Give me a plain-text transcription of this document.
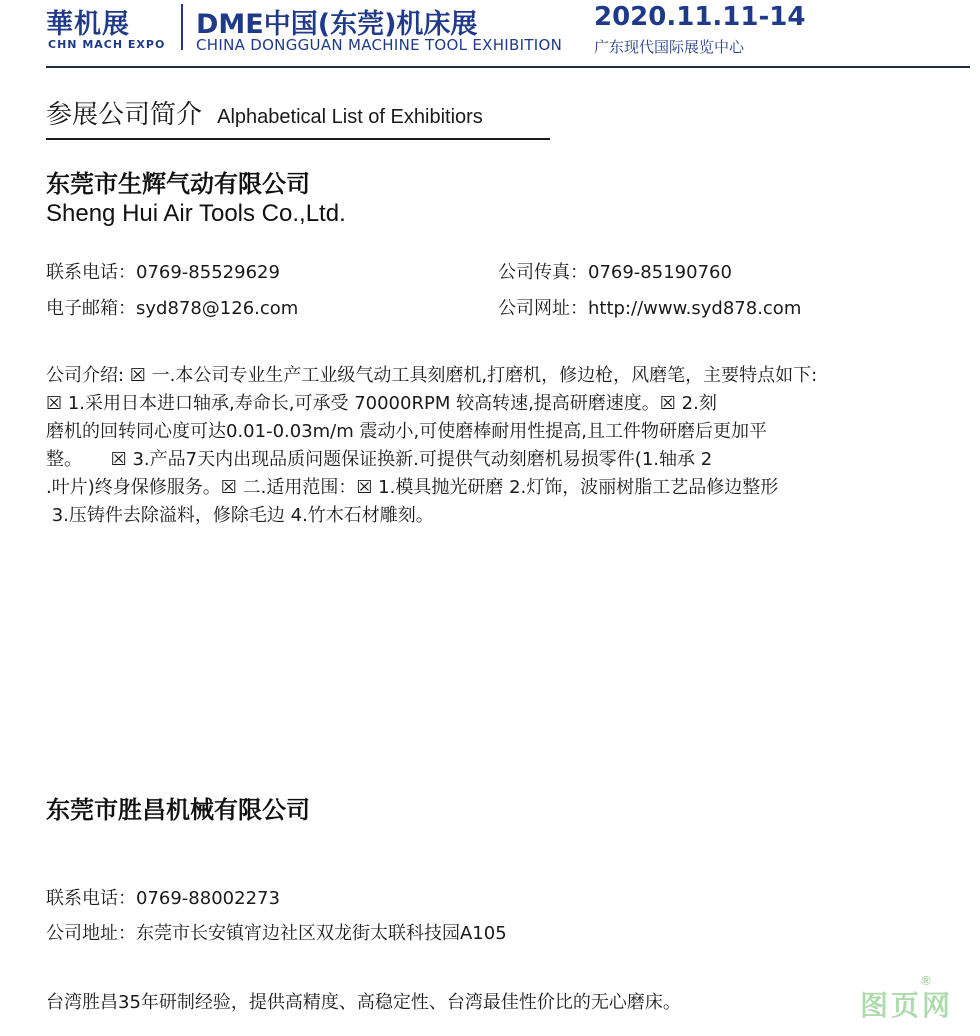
華机展
CHN MACH EXPO
DME中国(东莞)机床展
CHINA DONGGUAN MACHINE TOOL EXHIBITION
2020.11.11-14
广东现代国际展览中心
参展公司简介 Alphabetical List of Exhibitiors
东莞市生辉气动有限公司
Sheng Hui Air Tools Co.,Ltd.
联系电话：0769-85529629	公司传真：0769-85190760
电子邮箱：syd878@126.com	公司网址：http://www.syd878.com
公司介绍: ☒ 一.本公司专业生产工业级气动工具刻磨机,打磨机，修边枪，风磨笔，主要特点如下:
☒ 1.采用日本进口轴承,寿命长,可承受 70000RPM 较高转速,提高研磨速度。☒ 2.刻
磨机的回转同心度可达0.01-0.03m/m 震动小,可使磨棒耐用性提高,且工件物研磨后更加平
整。     ☒ 3.产品7天内出现品质问题保证换新.可提供气动刻磨机易损零件(1.轴承 2
.叶片)终身保修服务。☒ 二.适用范围：☒ 1.模具抛光研磨 2.灯饰，波丽树脂工艺品修边整形
3.压铸件去除溢料，修除毛边 4.竹木石材雕刻。
东莞市胜昌机械有限公司
联系电话：0769-88002273
公司地址：东莞市长安镇宵边社区双龙街太联科技园A105
台湾胜昌35年研制经验，提供高精度、高稳定性、台湾最佳性价比的无心磨床。	图页网
®
